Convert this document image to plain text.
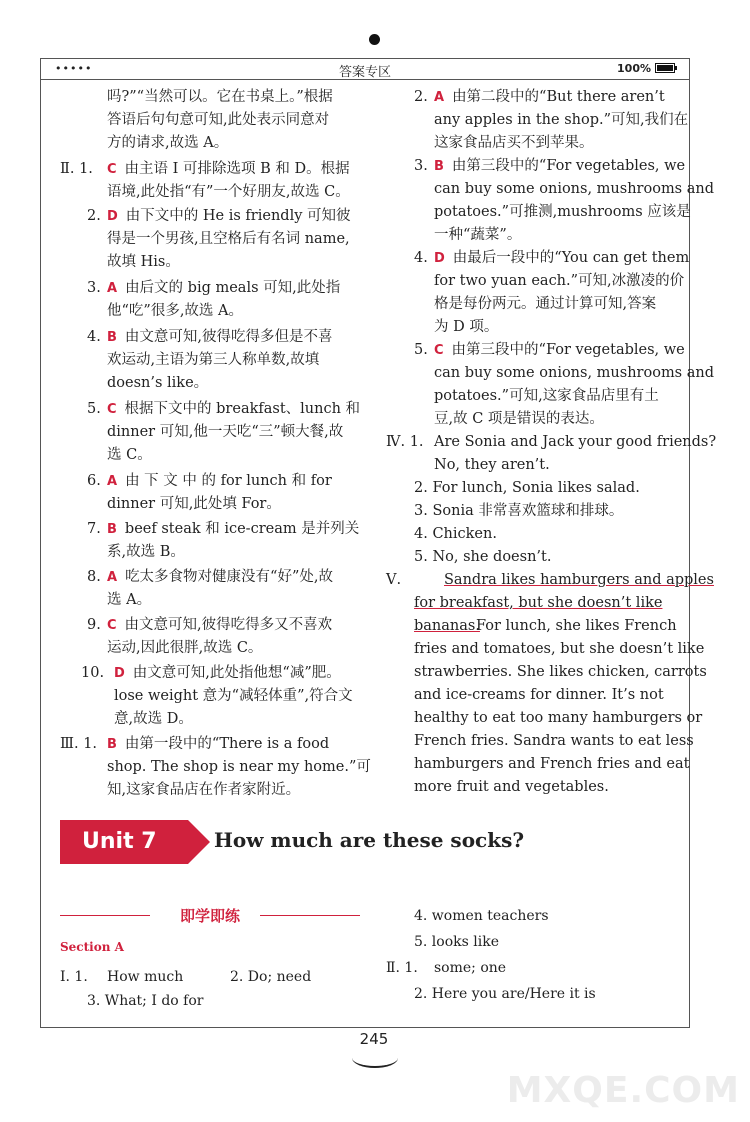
•••••	答案专区	100%
吗?”“当然可以。它在书桌上。”根据
答语后句句意可知,此处表示同意对
方的请求,故选 A。
Ⅱ. 1. C 由主语 I 可排除选项 B 和 D。根据
语境,此处指“有”一个好朋友,故选 C。
2. D 由下文中的 He is friendly 可知彼
得是一个男孩,且空格后有名词 name,
故填 His。
3. A 由后文的 big meals 可知,此处指
他“吃”很多,故选 A。
4. B 由文意可知,彼得吃得多但是不喜
欢运动,主语为第三人称单数,故填
doesn’s like。
5. C 根据下文中的 breakfast、lunch 和
dinner 可知,他一天吃“三”顿大餐,故
选 C。
6. A 由 下 文 中 的 for lunch 和 for
dinner 可知,此处填 For。
7. B beef steak 和 ice-cream 是并列关
系,故选 B。
8. A 吃太多食物对健康没有“好”处,故
选 A。
9. C 由文意可知,彼得吃得多又不喜欢
运动,因此很胖,故选 C。
10. D 由文意可知,此处指他想“减”肥。
lose weight 意为“减轻体重”,符合文
意,故选 D。
Ⅲ. 1. B 由第一段中的“There is a food
shop. The shop is near my home.”可
知,这家食品店在作者家附近。
2. A 由第二段中的“But there aren’t
any apples in the shop.”可知,我们在
这家食品店买不到苹果。
3. B 由第三段中的“For vegetables, we
can buy some onions, mushrooms and
potatoes.”可推测,mushrooms 应该是
一种“蔬菜”。
4. D 由最后一段中的“You can get them
for two yuan each.”可知,冰激凌的价
格是每份两元。通过计算可知,答案
为 D 项。
5. C 由第三段中的“For vegetables, we
can buy some onions, mushrooms and
potatoes.”可知,这家食品店里有土
豆,故 C 项是错误的表达。
Ⅳ. 1. Are Sonia and Jack your good friends?
No, they aren’t.
2. For lunch, Sonia likes salad.
3. Sonia 非常喜欢篮球和排球。
4. Chicken.
5. No, she doesn’t.
Ⅴ.	Sandra likes hamburgers and apples
for breakfast, but she doesn’t like
bananas.
For lunch, she likes French
fries and tomatoes, but she doesn’t like
strawberries. She likes chicken, carrots
and ice-creams for dinner. It’s not
healthy to eat too many hamburgers or
French fries. Sandra wants to eat less
hamburgers and French fries and eat
more fruit and vegetables.
Unit 7	How much are these socks?
即学即练
Section A
Ⅰ. 1. How much	2. Do; need
3. What; I do for
4. women teachers
5. looks like
Ⅱ. 1. some; one
2. Here you are/Here it is
245
MXQE.COM
